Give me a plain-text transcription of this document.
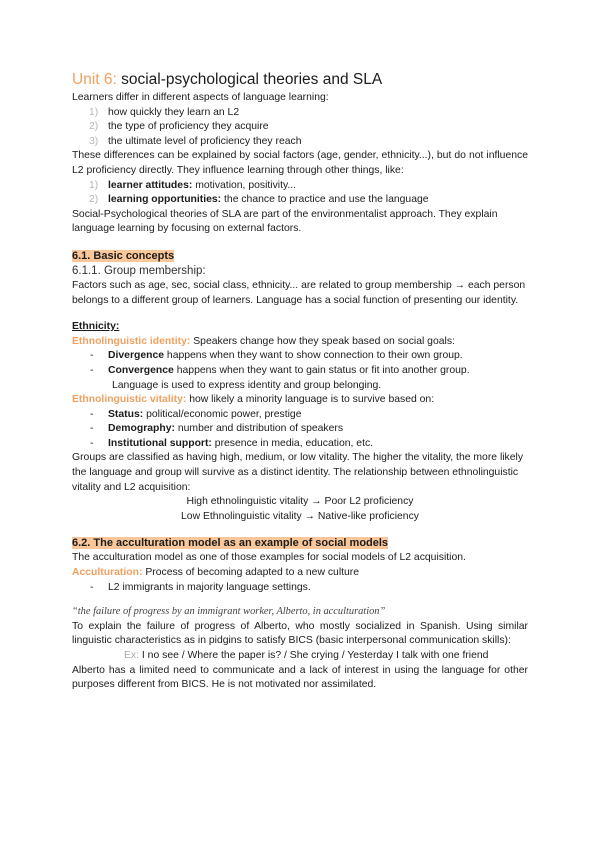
Unit 6: social-psychological theories and SLA

Learners differ in different aspects of language learning:

1) how quickly they learn an L2
2) the type of proficiency they acquire
3) the ultimate level of proficiency they reach

These differences can be explained by social factors (age, gender, ethnicity...), but do not influence L2 proficiency directly. They influence learning through other things, like:

1) learner attitudes: motivation, positivity...
2) learning opportunities: the chance to practice and use the language

Social-Psychological theories of SLA are part of the environmentalist approach. They explain language learning by focusing on external factors.

6.1. Basic concepts
6.1.1. Group membership:

Factors such as age, sec, social class, ethnicity... are related to group membership → each person belongs to a different group of learners. Language has a social function of presenting our identity.

Ethnicity:

Ethnolinguistic identity: Speakers change how they speak based on social goals:

- Divergence happens when they want to show connection to their own group.
- Convergence happens when they want to gain status or fit into another group.

Language is used to express identity and group belonging.

Ethnolinguistic vitality: how likely a minority language is to survive based on:

- Status: political/economic power, prestige
- Demography: number and distribution of speakers
- Institutional support: presence in media, education, etc.

Groups are classified as having high, medium, or low vitality. The higher the vitality, the more likely the language and group will survive as a distinct identity. The relationship between ethnolinguistic vitality and L2 acquisition:

High ethnolinguistic vitality → Poor L2 proficiency

Low Ethnolinguistic vitality → Native-like proficiency

6.2. The acculturation model as an example of social models

The acculturation model as one of those examples for social models of L2 acquisition.

Acculturation: Process of becoming adapted to a new culture

- L2 immigrants in majority language settings.

“the failure of progress by an immigrant worker, Alberto, in acculturation”

To explain the failure of progress of Alberto, who mostly socialized in Spanish. Using similar linguistic characteristics as in pidgins to satisfy BICS (basic interpersonal communication skills):

Ex: I no see / Where the paper is? / She crying / Yesterday I talk with one friend

Alberto has a limited need to communicate and a lack of interest in using the language for other purposes different from BICS. He is not motivated nor assimilated.
